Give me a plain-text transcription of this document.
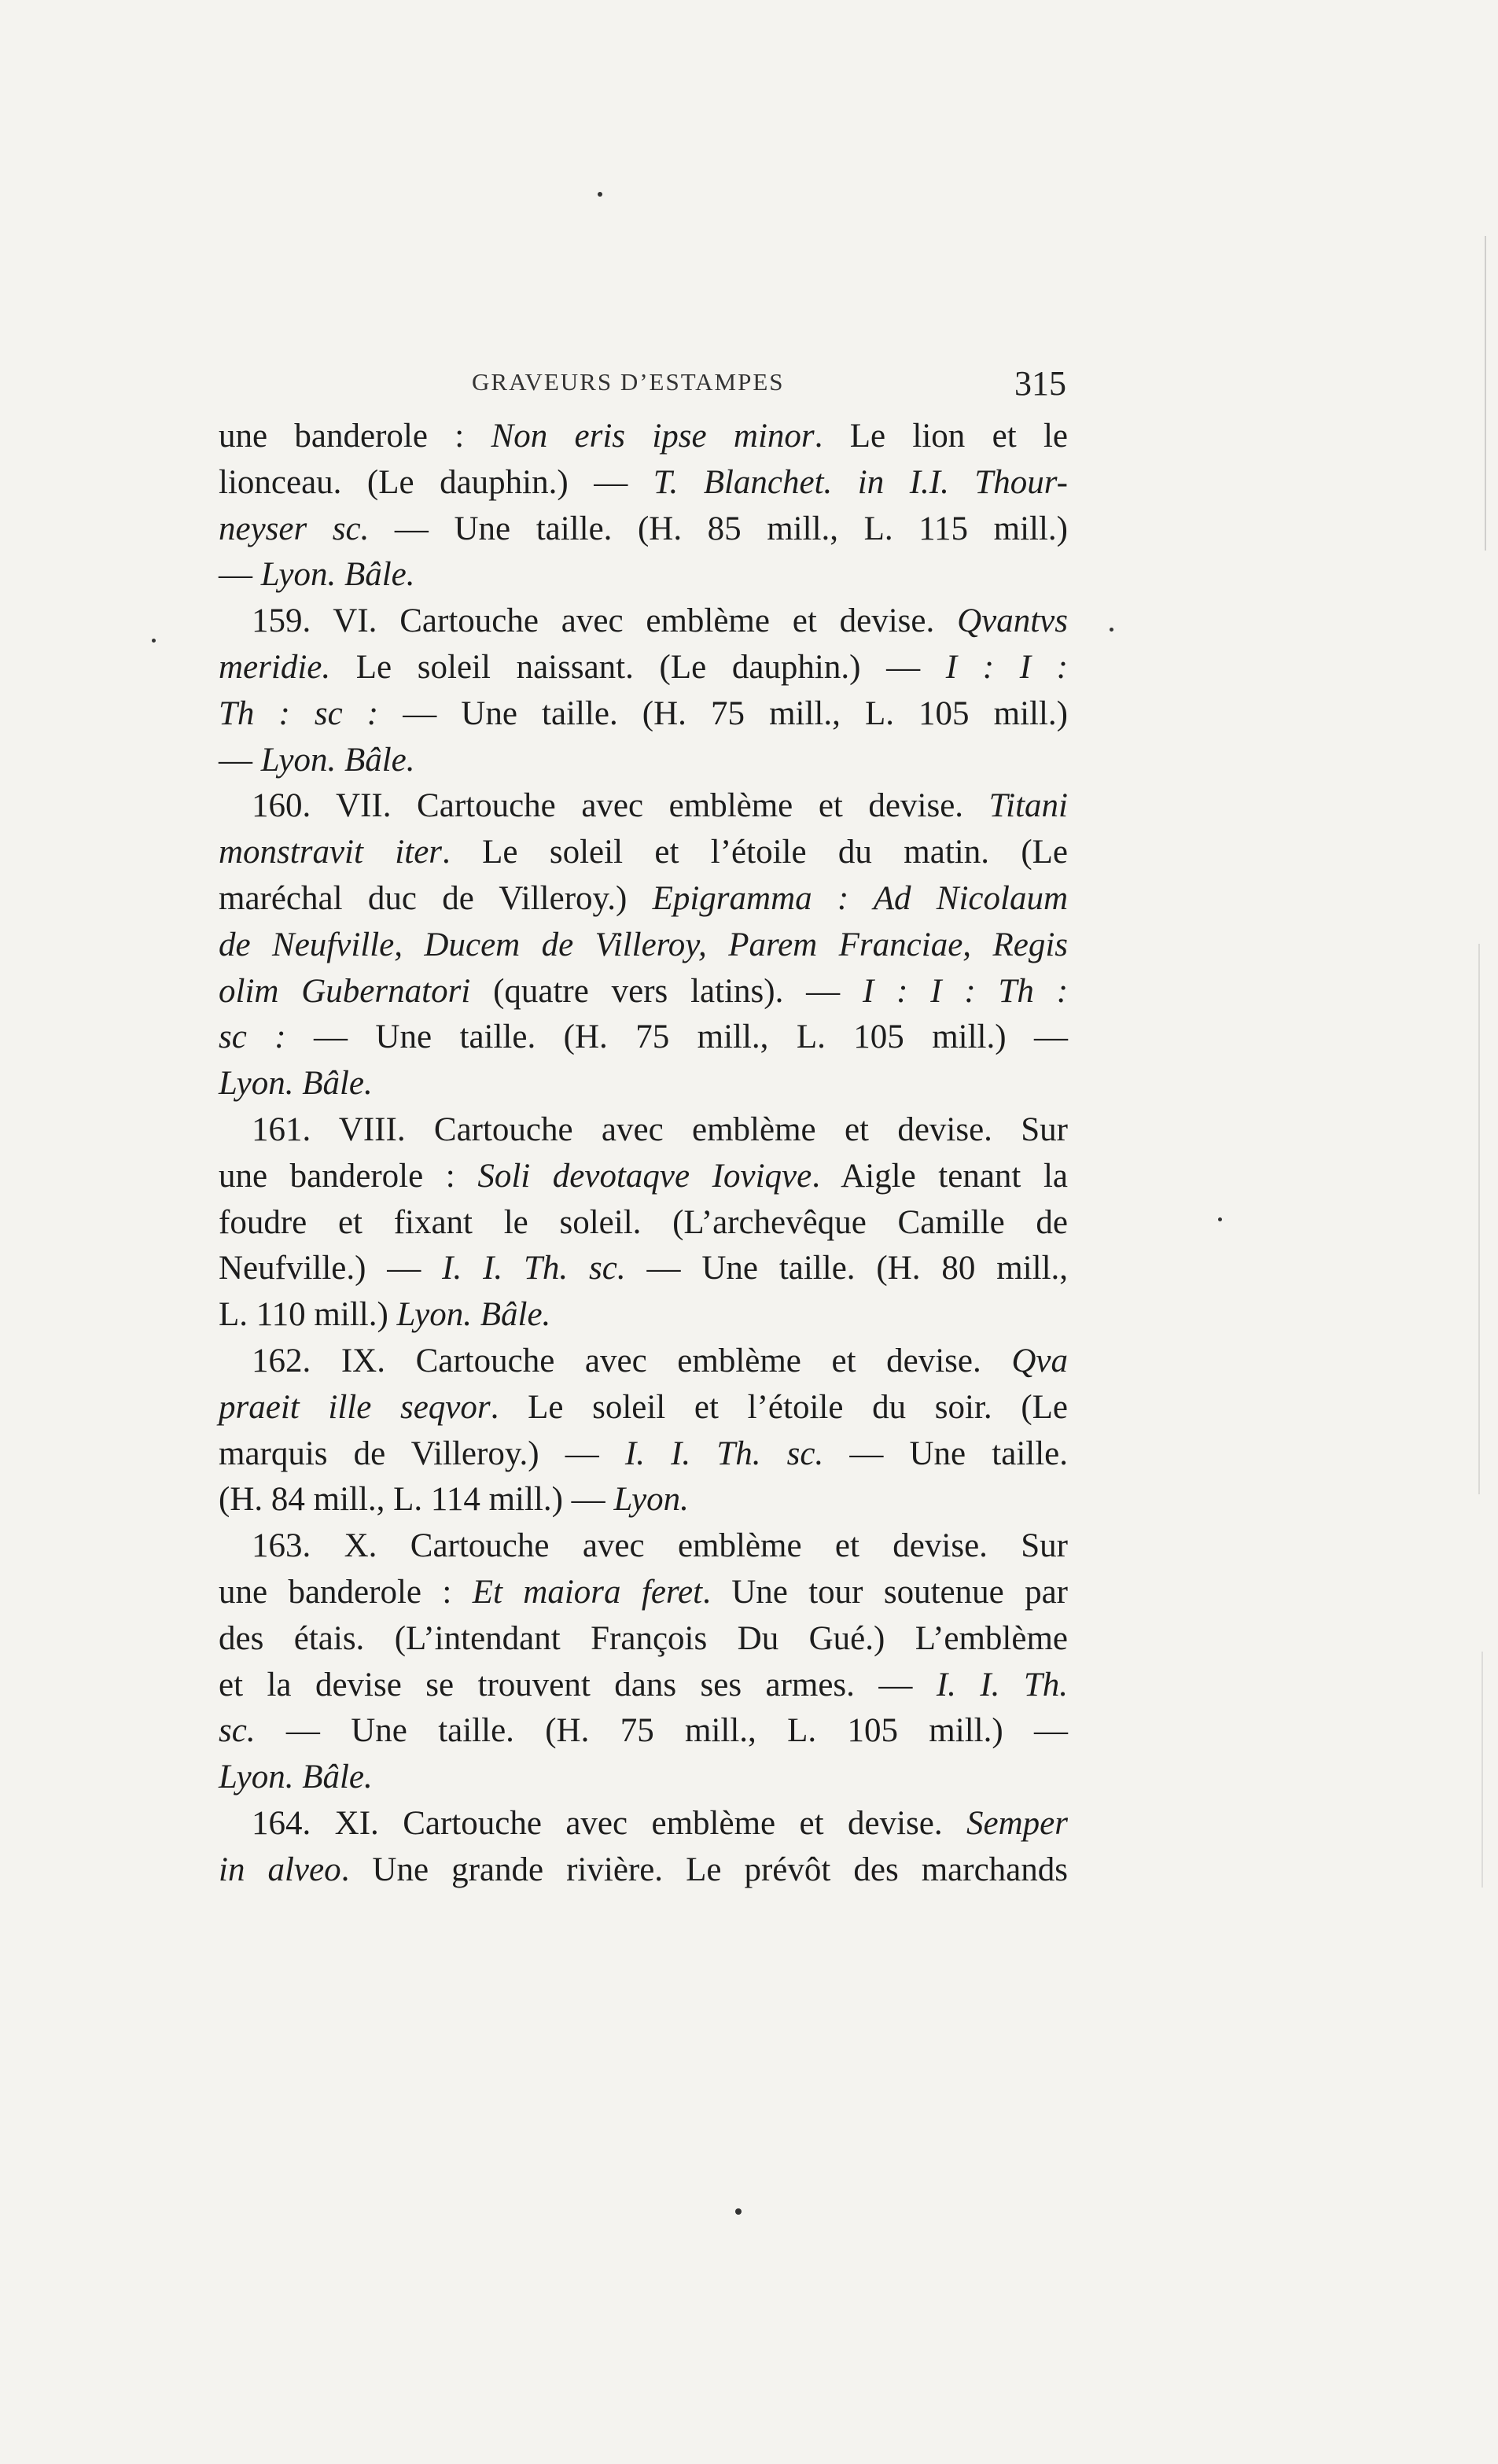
GRAVEURS D’ESTAMPES	315
une banderole : Non eris ipse minor. Le lion et le
lionceau. (Le dauphin.) — T. Blanchet. in I.I. Thour-
neyser sc. — Une taille. (H. 85 mill., L. 115 mill.)
— Lyon. Bâle.
159. VI. Cartouche avec emblème et devise. Qvantvs
meridie. Le soleil naissant. (Le dauphin.) — I : I :
Th : sc : — Une taille. (H. 75 mill., L. 105 mill.)
— Lyon. Bâle.
160. VII. Cartouche avec emblème et devise. Titani
monstravit iter. Le soleil et l’étoile du matin. (Le
maréchal duc de Villeroy.) Epigramma : Ad Nicolaum
de Neufville, Ducem de Villeroy, Parem Franciae, Regis
olim Gubernatori (quatre vers latins). — I : I : Th :
sc : — Une taille. (H. 75 mill., L. 105 mill.) —
Lyon. Bâle.
161. VIII. Cartouche avec emblème et devise. Sur
une banderole : Soli devotaqve Ioviqve. Aigle tenant la
foudre et fixant le soleil. (L’archevêque Camille de
Neufville.) — I. I. Th. sc. — Une taille. (H. 80 mill.,
L. 110 mill.) Lyon. Bâle.
162. IX. Cartouche avec emblème et devise. Qva
praeit ille seqvor. Le soleil et l’étoile du soir. (Le
marquis de Villeroy.) — I. I. Th. sc. — Une taille.
(H. 84 mill., L. 114 mill.) — Lyon.
163. X. Cartouche avec emblème et devise. Sur
une banderole : Et maiora feret. Une tour soutenue par
des étais. (L’intendant François Du Gué.) L’emblème
et la devise se trouvent dans ses armes. — I. I. Th.
sc. — Une taille. (H. 75 mill., L. 105 mill.) —
Lyon. Bâle.
164. XI. Cartouche avec emblème et devise. Semper
in alveo. Une grande rivière. Le prévôt des marchands
